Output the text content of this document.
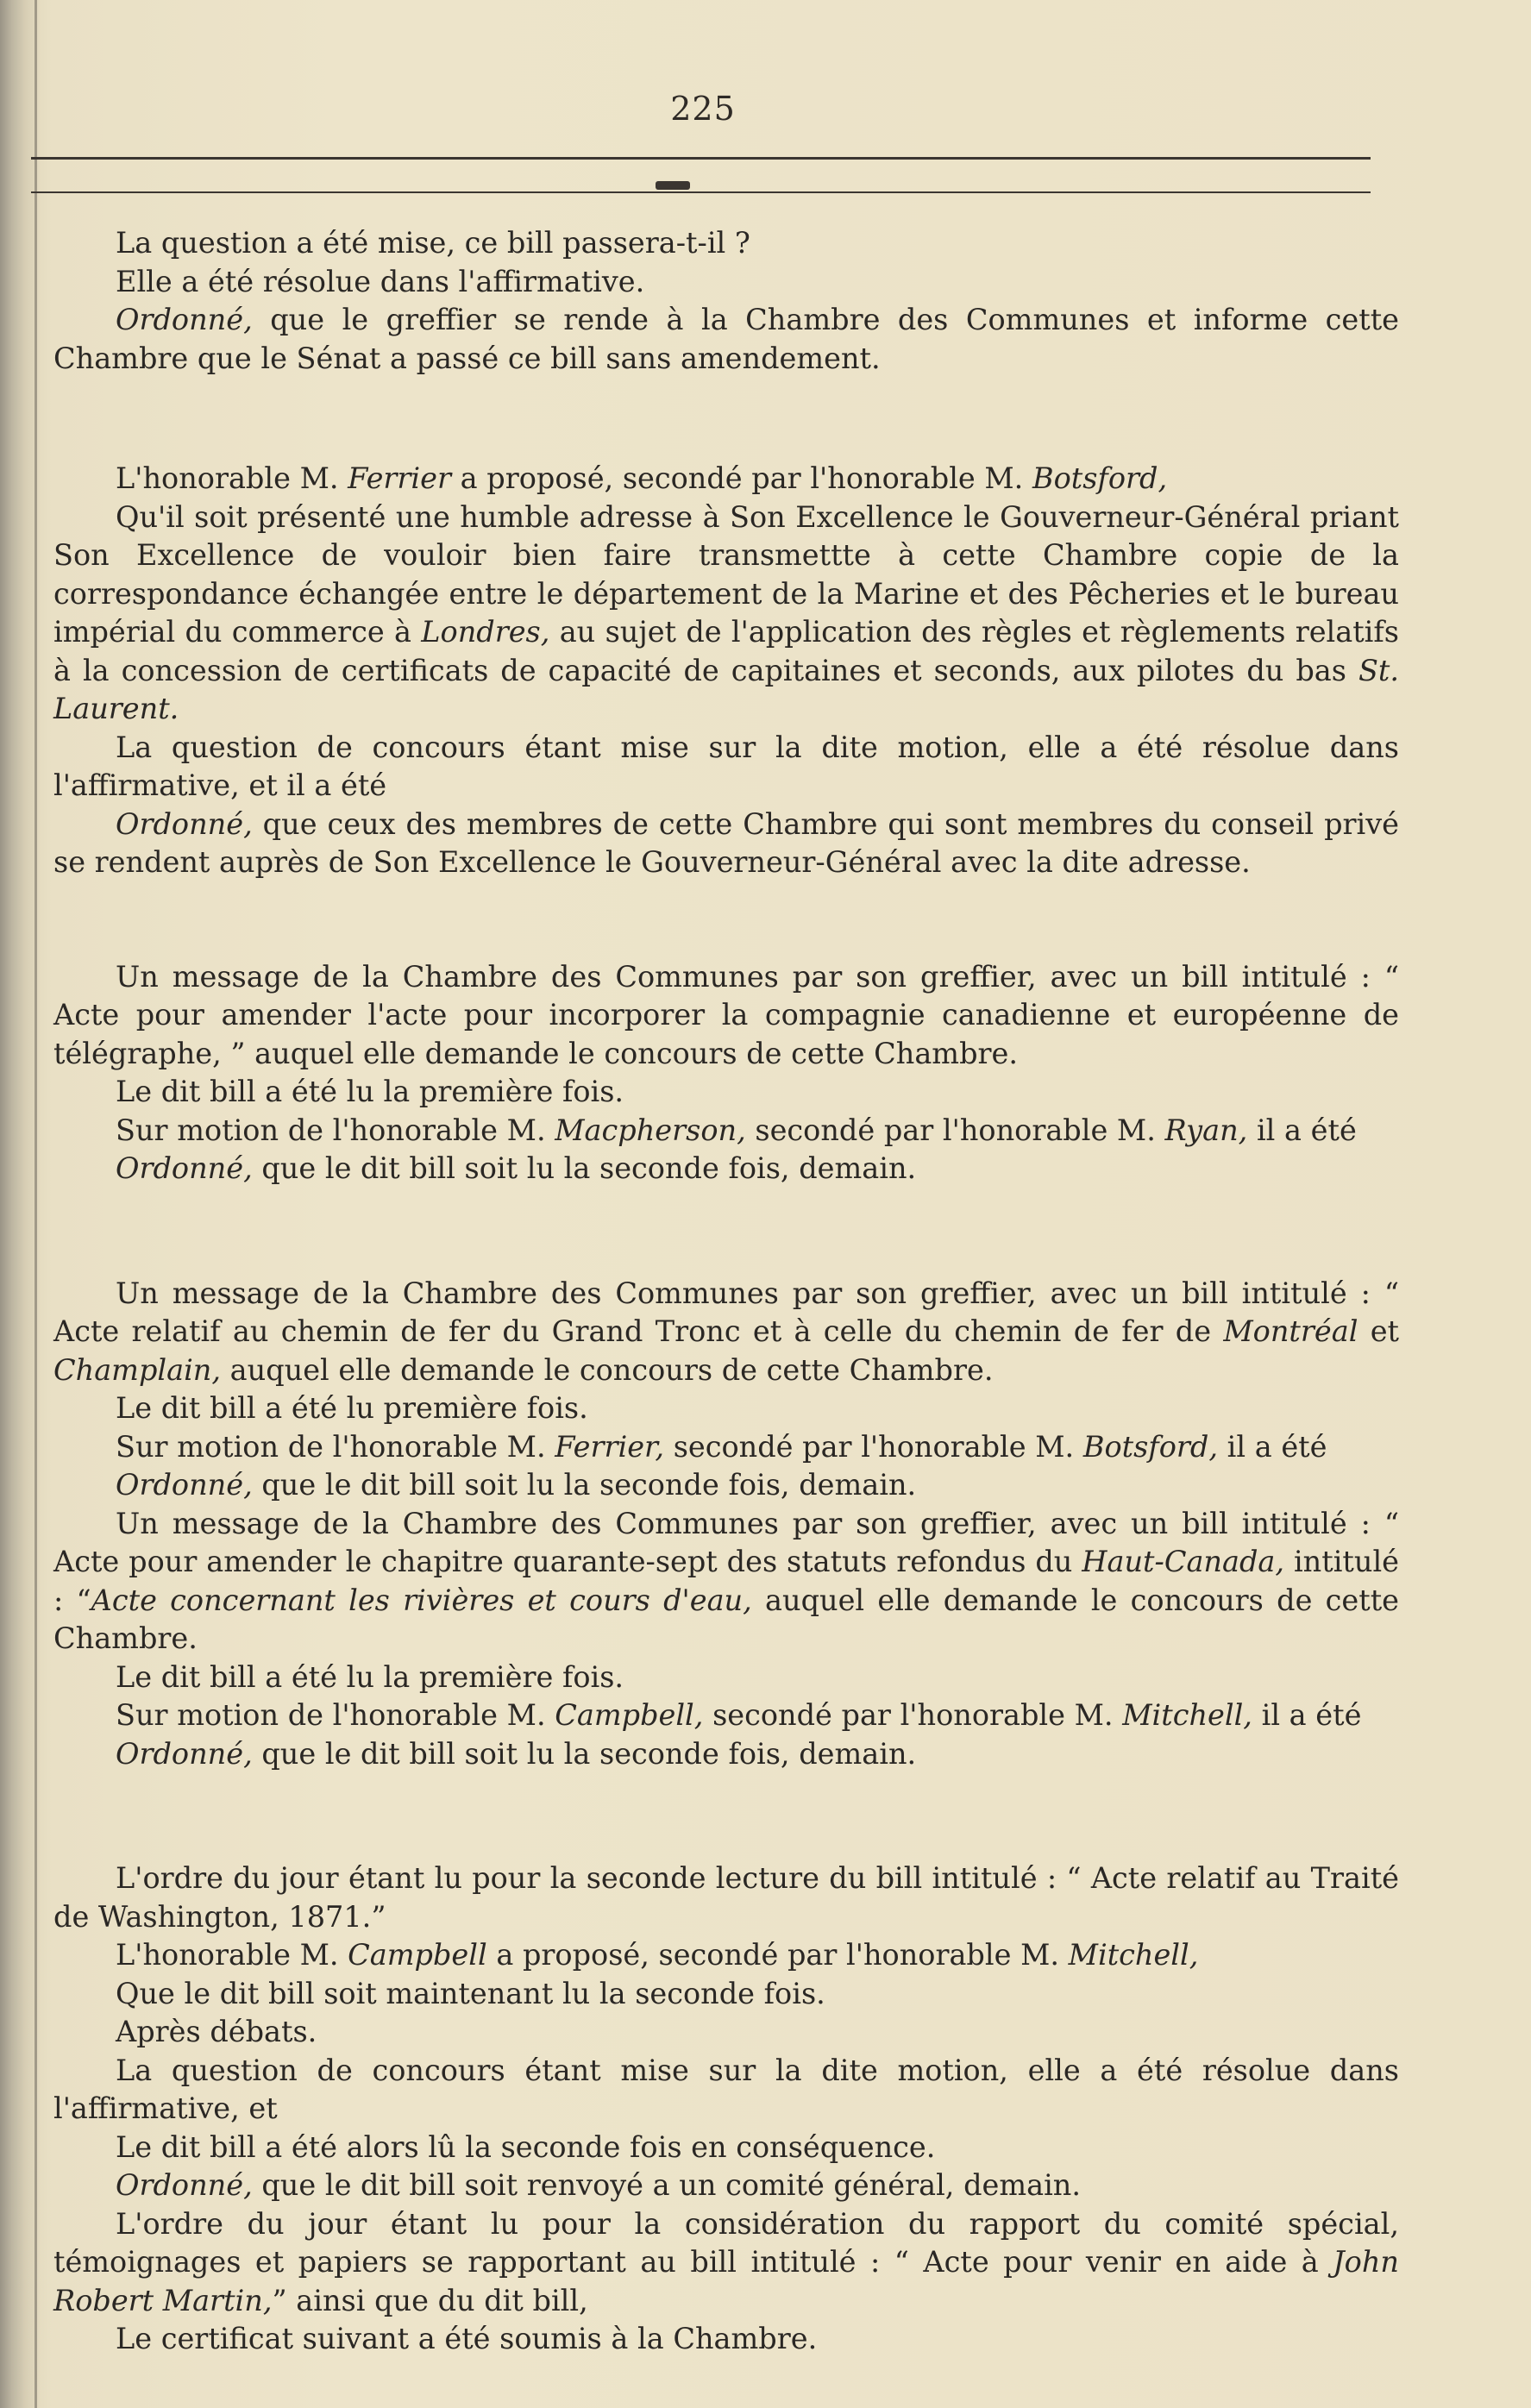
225

La question a été mise, ce bill passera-t-il ?

Elle a été résolue dans l'affirmative.

Ordonné, que le greffier se rende à la Chambre des Communes et informe cette Chambre que le Sénat a passé ce bill sans amendement.

L'honorable M. Ferrier a proposé, secondé par l'honorable M. Botsford,

Qu'il soit présenté une humble adresse à Son Excellence le Gouverneur-Général priant Son Excellence de vouloir bien faire transmettte à cette Chambre copie de la correspondance échangée entre le département de la Marine et des Pêcheries et le bureau impérial du commerce à Londres, au sujet de l'application des règles et règlements relatifs à la concession de certificats de capacité de capitaines et seconds, aux pilotes du bas St. Laurent.

La question de concours étant mise sur la dite motion, elle a été résolue dans l'affirmative, et il a été

Ordonné, que ceux des membres de cette Chambre qui sont membres du conseil privé se rendent auprès de Son Excellence le Gouverneur-Général avec la dite adresse.

Un message de la Chambre des Communes par son greffier, avec un bill intitulé : “ Acte pour amender l'acte pour incorporer la compagnie canadienne et européenne de télégraphe, ” auquel elle demande le concours de cette Chambre.

Le dit bill a été lu la première fois.

Sur motion de l'honorable M. Macpherson, secondé par l'honorable M. Ryan, il a été

Ordonné, que le dit bill soit lu la seconde fois, demain.

Un message de la Chambre des Communes par son greffier, avec un bill intitulé : “ Acte relatif au chemin de fer du Grand Tronc et à celle du chemin de fer de Montréal et Champlain, auquel elle demande le concours de cette Chambre.

Le dit bill a été lu première fois.

Sur motion de l'honorable M. Ferrier, secondé par l'honorable M. Botsford, il a été

Ordonné, que le dit bill soit lu la seconde fois, demain.

Un message de la Chambre des Communes par son greffier, avec un bill intitulé : “ Acte pour amender le chapitre quarante-sept des statuts refondus du Haut-Canada, intitulé : “Acte concernant les rivières et cours d'eau, auquel elle demande le concours de cette Chambre.

Le dit bill a été lu la première fois.

Sur motion de l'honorable M. Campbell, secondé par l'honorable M. Mitchell, il a été

Ordonné, que le dit bill soit lu la seconde fois, demain.

L'ordre du jour étant lu pour la seconde lecture du bill intitulé : “ Acte relatif au Traité de Washington, 1871.”

L'honorable M. Campbell a proposé, secondé par l'honorable M. Mitchell,

Que le dit bill soit maintenant lu la seconde fois.

Après débats.

La question de concours étant mise sur la dite motion, elle a été résolue dans l'affirmative, et

Le dit bill a été alors lû la seconde fois en conséquence.

Ordonné, que le dit bill soit renvoyé a un comité général, demain.

L'ordre du jour étant lu pour la considération du rapport du comité spécial, témoignages et papiers se rapportant au bill intitulé : “ Acte pour venir en aide à John Robert Martin,” ainsi que du dit bill,

Le certificat suivant a été soumis à la Chambre.
